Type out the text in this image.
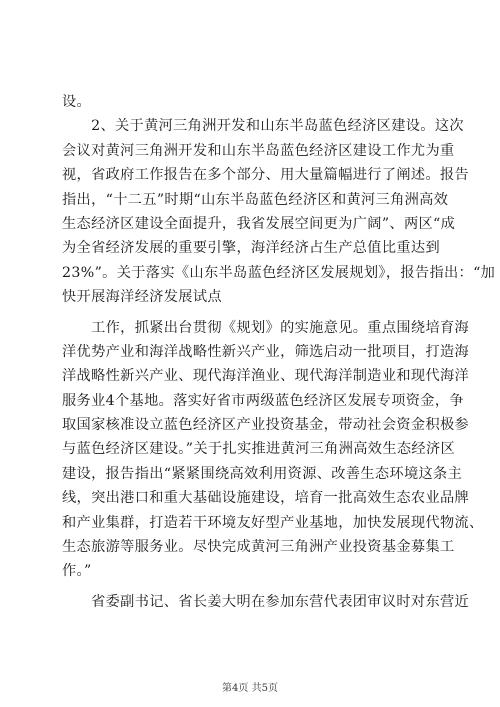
设。
　　2、关于黄河三角洲开发和山东半岛蓝色经济区建设。这次
会议对黄河三角洲开发和山东半岛蓝色经济区建设工作尤为重
视，省政府工作报告在多个部分、用大量篇幅进行了阐述。报告
指出，“十二五”时期“山东半岛蓝色经济区和黄河三角洲高效
生态经济区建设全面提升，我省发展空间更为广阔”、两区“成
为全省经济发展的重要引擎，海洋经济占生产总值比重达到
23%”。关于落实《山东半岛蓝色经济区发展规划》，报告指出：“加
快开展海洋经济发展试点
　　工作，抓紧出台贯彻《规划》的实施意见。重点围绕培育海
洋优势产业和海洋战略性新兴产业，筛选启动一批项目，打造海
洋战略性新兴产业、现代海洋渔业、现代海洋制造业和现代海洋
服务业4个基地。落实好省市两级蓝色经济区发展专项资金，争
取国家核准设立蓝色经济区产业投资基金，带动社会资金积极参
与蓝色经济区建设。”关于扎实推进黄河三角洲高效生态经济区
建设，报告指出“紧紧围绕高效利用资源、改善生态环境这条主
线，突出港口和重大基础设施建设，培育一批高效生态农业品牌
和产业集群，打造若干环境友好型产业基地，加快发展现代物流、
生态旅游等服务业。尽快完成黄河三角洲产业投资基金募集工
作。”
　　省委副书记、省长姜大明在参加东营代表团审议时对东营近
第4页 共5页
